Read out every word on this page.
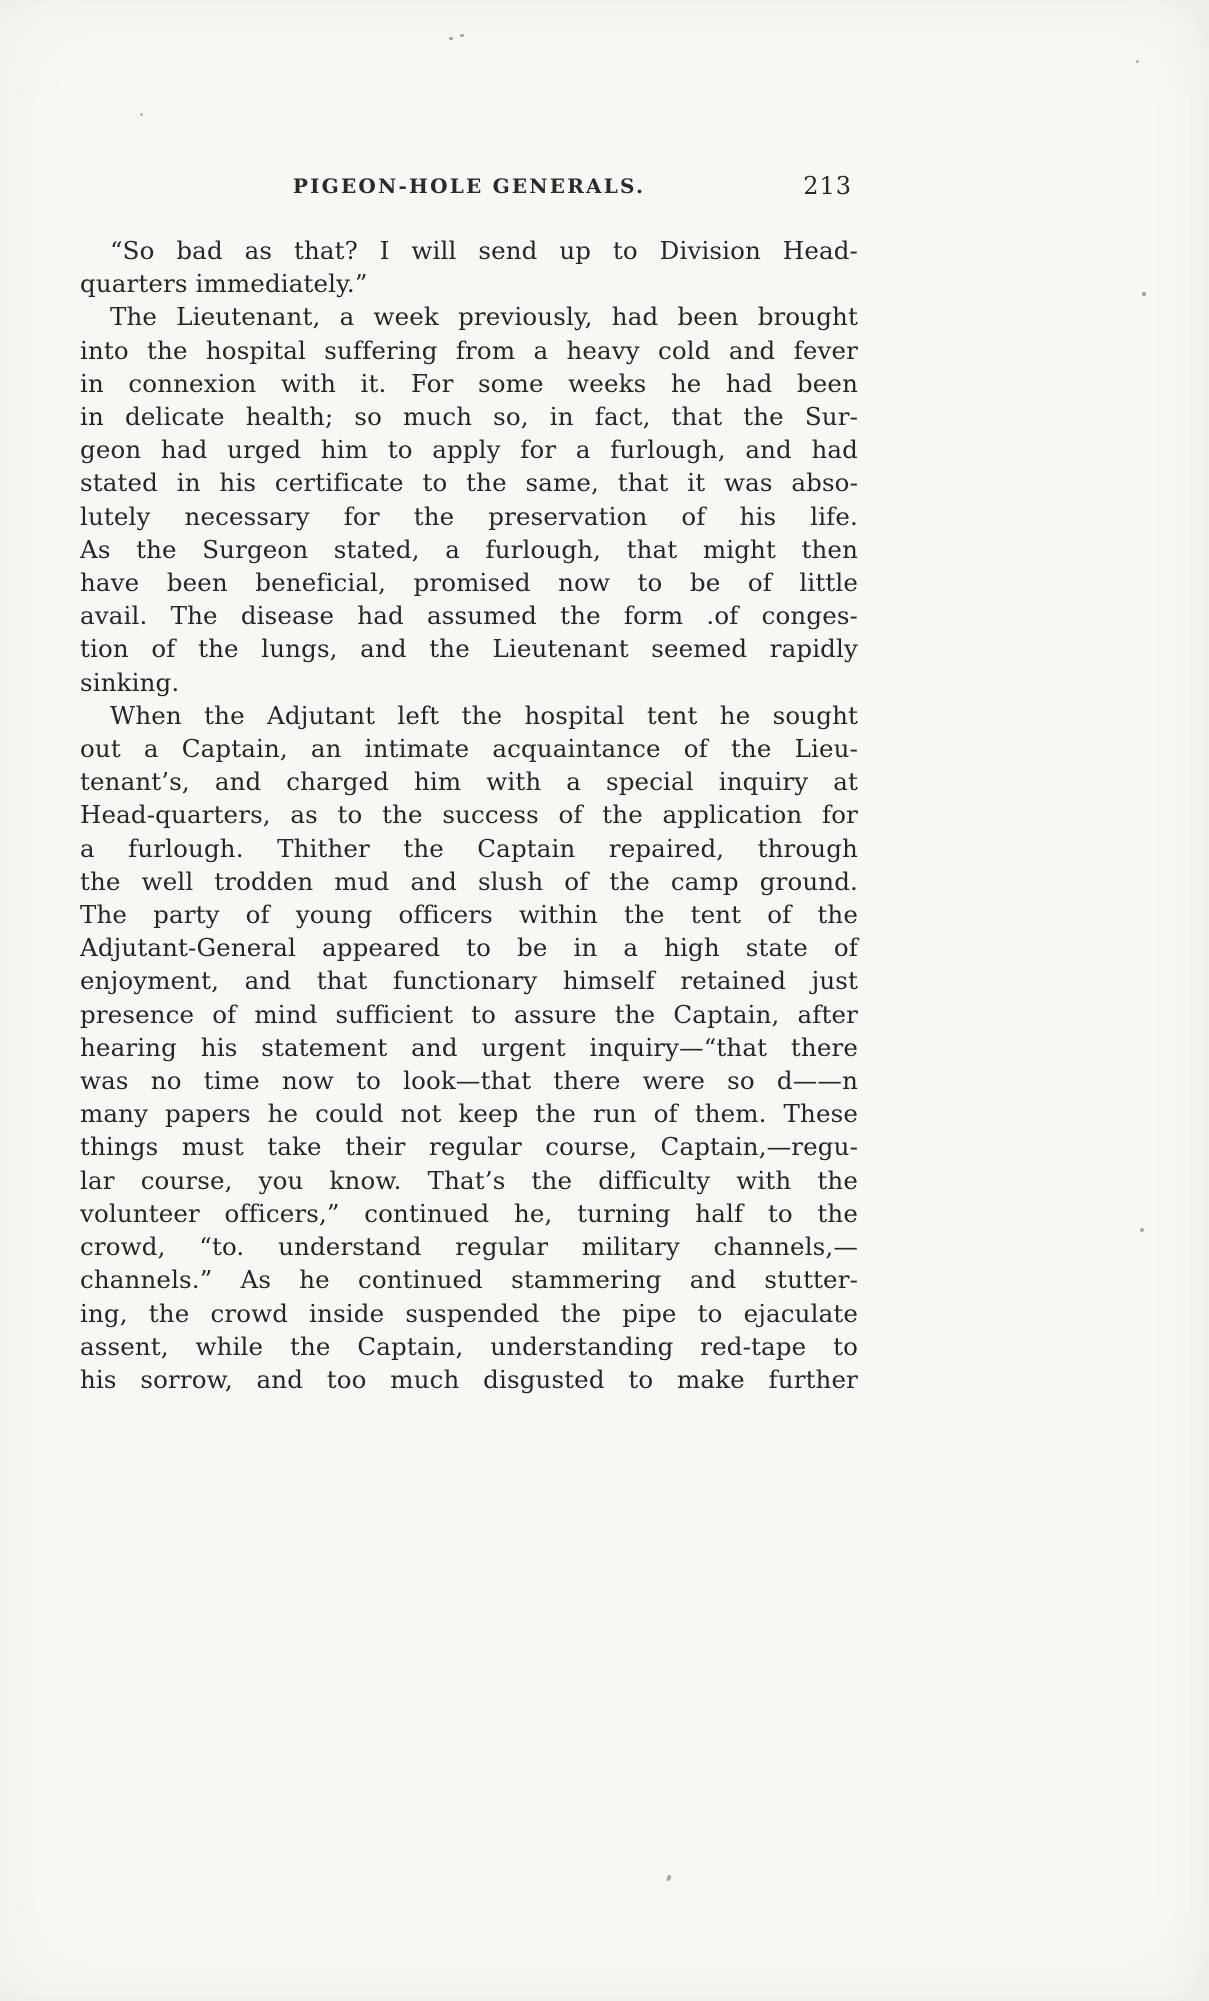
PIGEON-HOLE GENERALS.	213
“So bad as that? I will send up to Division Head-
quarters immediately.”
The Lieutenant, a week previously, had been brought
into the hospital suffering from a heavy cold and fever
in connexion with it. For some weeks he had been
in delicate health; so much so, in fact, that the Sur-
geon had urged him to apply for a furlough, and had
stated in his certificate to the same, that it was abso-
lutely necessary for the preservation of his life.
As the Surgeon stated, a furlough, that might then
have been beneficial, promised now to be of little
avail. The disease had assumed the form .of conges-
tion of the lungs, and the Lieutenant seemed rapidly
sinking.
When the Adjutant left the hospital tent he sought
out a Captain, an intimate acquaintance of the Lieu-
tenant’s, and charged him with a special inquiry at
Head-quarters, as to the success of the application for
a furlough. Thither the Captain repaired, through
the well trodden mud and slush of the camp ground.
The party of young officers within the tent of the
Adjutant-General appeared to be in a high state of
enjoyment, and that functionary himself retained just
presence of mind sufficient to assure the Captain, after
hearing his statement and urgent inquiry—“that there
was no time now to look—that there were so d——n
many papers he could not keep the run of them. These
things must take their regular course, Captain,—regu-
lar course, you know. That’s the difficulty with the
volunteer officers,” continued he, turning half to the
crowd, “to. understand regular military channels,—
channels.” As he continued stammering and stutter-
ing, the crowd inside suspended the pipe to ejaculate
assent, while the Captain, understanding red-tape to
his sorrow, and too much disgusted to make further
